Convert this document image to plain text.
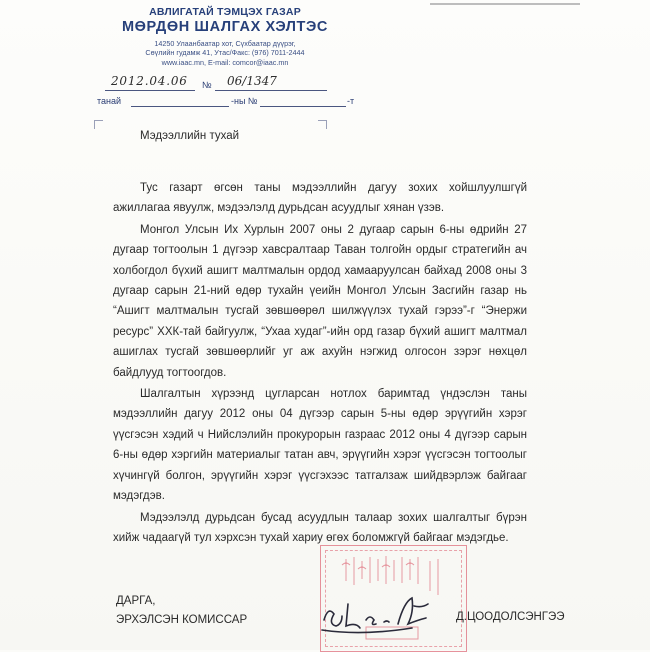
АВЛИГАТАЙ ТЭМЦЭХ ГАЗАР
МӨРДӨН ШАЛГАХ ХЭЛТЭС
14250 Улаанбаатар хот, Сүхбаатар дүүрэг,
Сөүлийн гудамж 41, Утас/Факс: (976) 7011-2444
www.iaac.mn, E-mail: comcor@iaac.mn
2012.04.06 № 06/1347
танай	-ны №	-т
Мэдээллийн тухай

Тус газарт өгсөн таны мэдээллийн дагуу зохих хойшлуулшгүй ажиллагаа явуулж, мэдээлэлд дурьдсан асуудлыг хянан үзэв.

Монгол Улсын Их Хурлын 2007 оны 2 дугаар сарын 6-ны өдрийн 27 дугаар тогтоолын 1 дүгээр хавсралтаар Таван толгойн ордыг стратегийн ач холбогдол бүхий ашигт малтмалын ордод хамааруулсан байхад 2008 оны 3 дугаар сарын 21-ний өдөр тухайн үеийн Монгол Улсын Засгийн газар нь “Ашигт малтмалын тусгай зөвшөөрөл шилжүүлэх тухай гэрээ”-г “Энержи ресурс” ХХК-тай байгуулж, “Ухаа худаг”-ийн орд газар бүхий ашигт малтмал ашиглах тусгай зөвшөөрлийг уг аж ахуйн нэгжид олгосон зэрэг нөхцөл байдлууд тогтоогдов.

Шалгалтын хүрээнд цугларсан нотлох баримтад үндэслэн таны мэдээллийн дагуу 2012 оны 04 дүгээр сарын 5-ны өдөр эрүүгийн хэрэг үүсгэсэн хэдий ч Нийслэлийн прокурорын газраас 2012 оны 4 дүгээр сарын 6-ны өдөр хэргийн материалыг татан авч, эрүүгийн хэрэг үүсгэсэн тогтоолыг хүчингүй болгон, эрүүгийн хэрэг үүсгэхээс татгалзаж шийдвэрлэж байгааг мэдэгдэв.

Мэдээлэлд дурьдсан бусад асуудлын талаар зохих шалгалтыг бүрэн хийж чадаагүй тул хэрхсэн тухай хариу өгөх боломжгүй байгааг мэдэгдье.

ДАРГА,
ЭРХЭЛСЭН КОМИССАР	Д.ЦООДОЛСЭНГЭЭ
